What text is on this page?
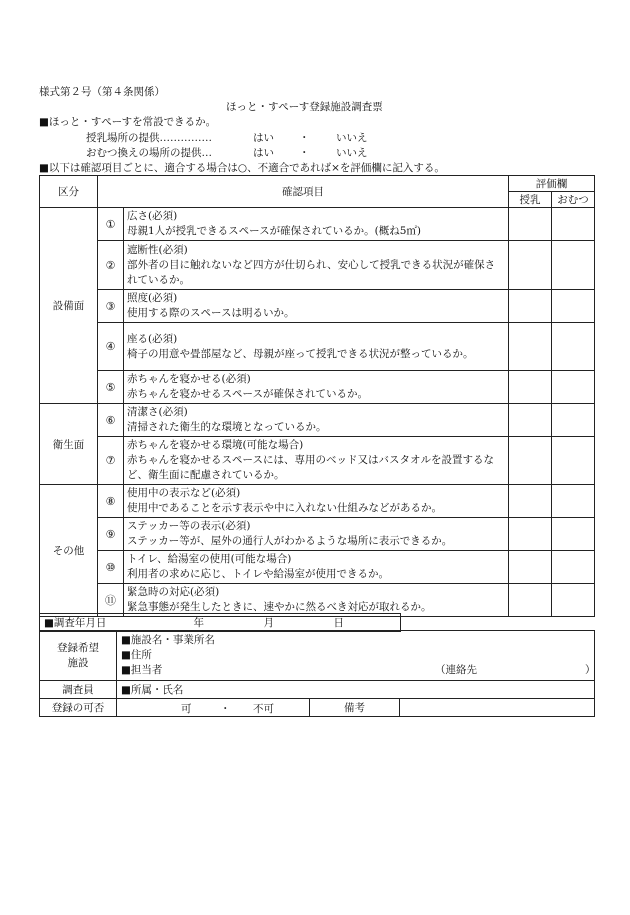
様式第２号（第４条関係）
ほっと・すぺーす登録施設調査票
■ほっと・すぺーすを常設できるか。
授乳場所の提供……………	はい ・	いいえ
おむつ換えの場所の提供…	はい ・	いいえ
■以下は確認項目ごとに、適合する場合は○、不適合であれば×を評価欄に記入する。
区分	確認項目		評価欄	
			授乳	おむつ
設備面	①	広さ(必須)
母親1人が授乳できるスペースが確保されているか。(概ね5㎡)		

	②	遮断性(必須)
部外者の目に触れないなど四方が仕切られ、安心して授乳できる状況が確保されているか。		

	③	照度(必須)
使用する際のスペースは明るいか。		

	④	座る(必須)
椅子の用意や畳部屋など、母親が座って授乳できる状況が整っているか。		

	⑤	赤ちゃんを寝かせる(必須)
赤ちゃんを寝かせるスペースが確保されているか。		

衛生面	⑥	清潔さ(必須)
清掃された衛生的な環境となっているか。		

	⑦	赤ちゃんを寝かせる環境(可能な場合)
赤ちゃんを寝かせるスペースには、専用のベッド又はバスタオルを設置するなど、衛生面に配慮されているか。		

その他	⑧	使用中の表示など(必須)
使用中であることを示す表示や中に入れない仕組みなどがあるか。		

	⑨	ステッカー等の表示(必須)
ステッカー等が、屋外の通行人がわかるような場所に表示できるか。		

	⑩	トイレ、給湯室の使用(可能な場合)
利用者の求めに応じ、トイレや給湯室が使用できるか。		

	⑪	緊急時の対応(必須)
緊急事態が発生したときに、速やかに然るべき対応が取れるか。		

■調査年月日	年	月	日
登録希望
施設	■施設名・事業所名
■住所
■担当者 （連絡先 ）		

調査員	■所属・氏名		
登録の可否	可 ・ 不可	備考	
